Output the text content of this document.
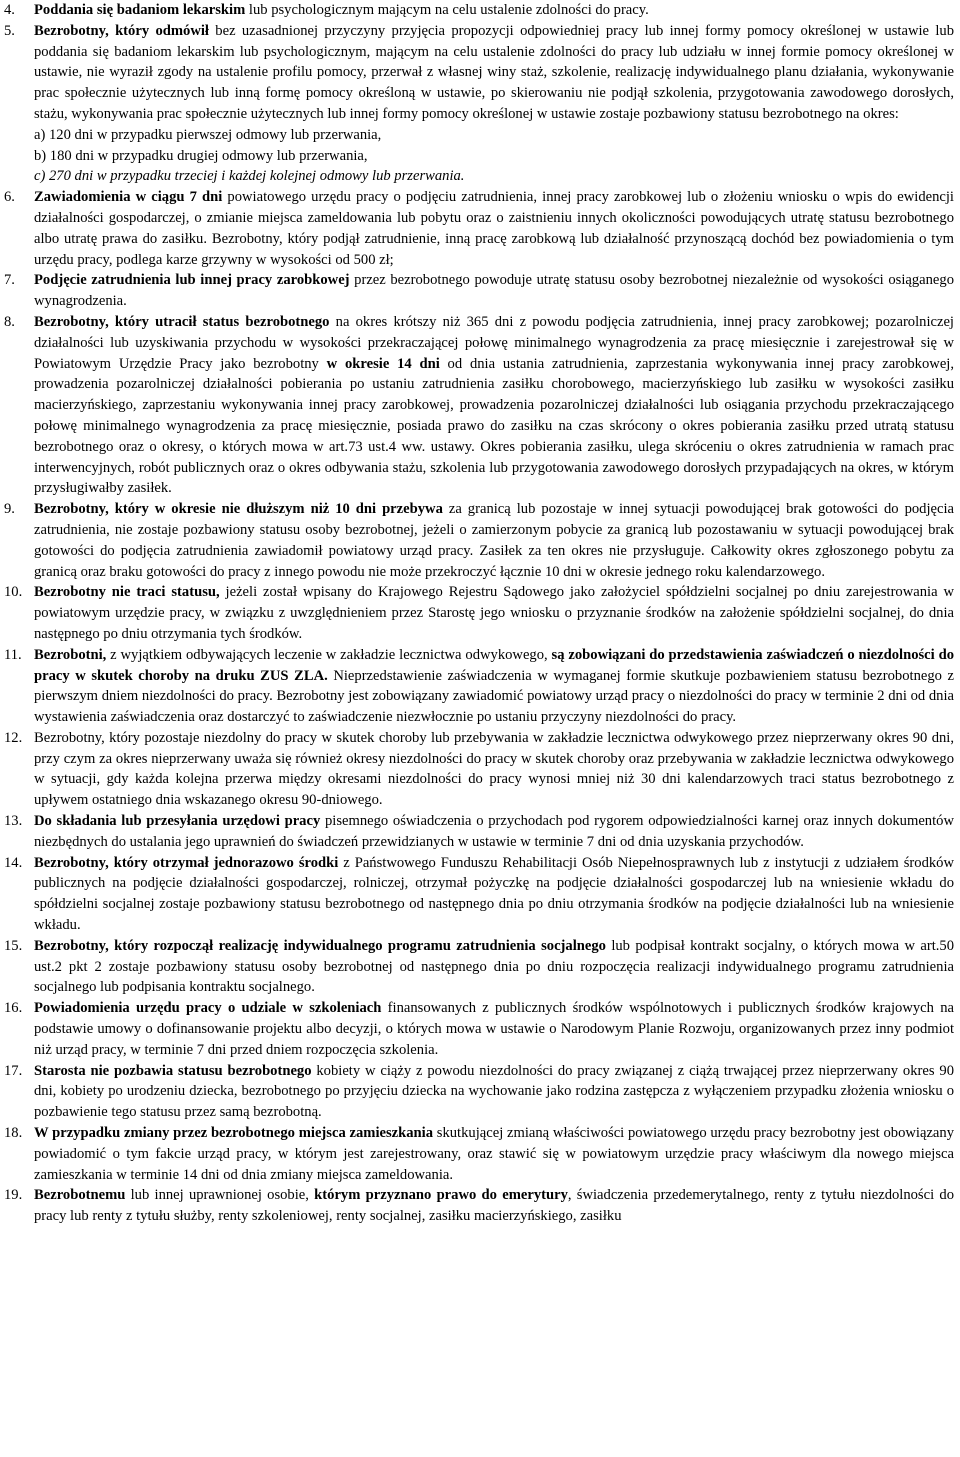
4.	Poddania się badaniom lekarskim lub psychologicznym mającym na celu ustalenie zdolności do pracy.
5.	Bezrobotny, który odmówił bez uzasadnionej przyczyny przyjęcia propozycji odpowiedniej pracy lub innej formy pomocy określonej w ustawie lub poddania się badaniom lekarskim lub psychologicznym, mającym na celu ustalenie zdolności do pracy lub udziału w innej formie pomocy określonej w ustawie, nie wyraził zgody na ustalenie profilu pomocy, przerwał z własnej winy staż, szkolenie, realizację indywidualnego planu działania, wykonywanie prac społecznie użytecznych lub inną formę pomocy określoną w ustawie, po skierowaniu nie podjął szkolenia, przygotowania zawodowego dorosłych, stażu, wykonywania prac społecznie użytecznych lub innej formy pomocy określonej w ustawie zostaje pozbawiony statusu bezrobotnego na okres:
a) 120 dni w przypadku pierwszej odmowy lub przerwania,
b) 180 dni w przypadku drugiej odmowy lub przerwania,
c) 270 dni w przypadku trzeciej i każdej kolejnej odmowy lub przerwania.
6.	Zawiadomienia w ciągu 7 dni powiatowego urzędu pracy o podjęciu zatrudnienia, innej pracy zarobkowej lub o złożeniu wniosku o wpis do ewidencji działalności gospodarczej, o zmianie miejsca zameldowania lub pobytu oraz o zaistnieniu innych okoliczności powodujących utratę statusu bezrobotnego albo utratę prawa do zasiłku. Bezrobotny, który podjął zatrudnienie, inną pracę zarobkową lub działalność przynoszącą dochód bez powiadomienia o tym urzędu pracy, podlega karze grzywny w wysokości od 500 zł;
7.	Podjęcie zatrudnienia lub innej pracy zarobkowej przez bezrobotnego powoduje utratę statusu osoby bezrobotnej niezależnie od wysokości osiąganego wynagrodzenia.
8.	Bezrobotny, który utracił status bezrobotnego na okres krótszy niż 365 dni z powodu podjęcia zatrudnienia, innej pracy zarobkowej; pozarolniczej działalności lub uzyskiwania przychodu w wysokości przekraczającej połowę minimalnego wynagrodzenia za pracę miesięcznie i zarejestrował się w Powiatowym Urzędzie Pracy jako bezrobotny w okresie 14 dni od dnia ustania zatrudnienia, zaprzestania wykonywania innej pracy zarobkowej, prowadzenia pozarolniczej działalności pobierania po ustaniu zatrudnienia zasiłku chorobowego, macierzyńskiego lub zasiłku w wysokości zasiłku macierzyńskiego, zaprzestaniu wykonywania innej pracy zarobkowej, prowadzenia pozarolniczej działalności lub osiągania przychodu przekraczającego połowę minimalnego wynagrodzenia za pracę miesięcznie, posiada prawo do zasiłku na czas skrócony o okres pobierania zasiłku przed utratą statusu bezrobotnego oraz o okresy, o których mowa w art.73 ust.4 ww. ustawy. Okres pobierania zasiłku, ulega skróceniu o okres zatrudnienia w ramach prac interwencyjnych, robót publicznych oraz o okres odbywania stażu, szkolenia lub przygotowania zawodowego dorosłych przypadających na okres, w którym przysługiwałby zasiłek.
9.	Bezrobotny, który w okresie nie dłuższym niż 10 dni przebywa za granicą lub pozostaje w innej sytuacji powodującej brak gotowości do podjęcia zatrudnienia, nie zostaje pozbawiony statusu osoby bezrobotnej, jeżeli o zamierzonym pobycie za granicą lub pozostawaniu w sytuacji powodującej brak gotowości do podjęcia zatrudnienia zawiadomił powiatowy urząd pracy. Zasiłek za ten okres nie przysługuje. Całkowity okres zgłoszonego pobytu za granicą oraz braku gotowości do pracy z innego powodu nie może przekroczyć łącznie 10 dni w okresie jednego roku kalendarzowego.
10. Bezrobotny nie traci statusu, jeżeli został wpisany do Krajowego Rejestru Sądowego jako założyciel spółdzielni socjalnej po dniu zarejestrowania w powiatowym urzędzie pracy, w związku z uwzględnieniem przez Starostę jego wniosku o przyznanie środków na założenie spółdzielni socjalnej, do dnia następnego po dniu otrzymania tych środków.
11. Bezrobotni, z wyjątkiem odbywających leczenie w zakładzie lecznictwa odwykowego, są zobowiązani do przedstawienia zaświadczeń o niezdolności do pracy w skutek choroby na druku ZUS ZLA. Nieprzedstawienie zaświadczenia w wymaganej formie skutkuje pozbawieniem statusu bezrobotnego z pierwszym dniem niezdolności do pracy. Bezrobotny jest zobowiązany zawiadomić powiatowy urząd pracy o niezdolności do pracy w terminie 2 dni od dnia wystawienia zaświadczenia oraz dostarczyć to zaświadczenie niezwłocznie po ustaniu przyczyny niezdolności do pracy.
12. Bezrobotny, który pozostaje niezdolny do pracy w skutek choroby lub przebywania w zakładzie lecznictwa odwykowego przez nieprzerwany okres 90 dni, przy czym za okres nieprzerwany uważa się również okresy niezdolności do pracy w skutek choroby oraz przebywania w zakładzie lecznictwa odwykowego w sytuacji, gdy każda kolejna przerwa między okresami niezdolności do pracy wynosi mniej niż 30 dni kalendarzowych traci status bezrobotnego z upływem ostatniego dnia wskazanego okresu 90-dniowego.
13. Do składania lub przesyłania urzędowi pracy pisemnego oświadczenia o przychodach pod rygorem odpowiedzialności karnej oraz innych dokumentów niezbędnych do ustalania jego uprawnień do świadczeń przewidzianych w ustawie w terminie 7 dni od dnia uzyskania przychodów.
14. Bezrobotny, który otrzymał jednorazowo środki z Państwowego Funduszu Rehabilitacji Osób Niepełnosprawnych lub z instytucji z udziałem środków publicznych na podjęcie działalności gospodarczej, rolniczej, otrzymał pożyczkę na podjęcie działalności gospodarczej lub na wniesienie wkładu do spółdzielni socjalnej zostaje pozbawiony statusu bezrobotnego od następnego dnia po dniu otrzymania środków na podjęcie działalności lub na wniesienie wkładu.
15. Bezrobotny, który rozpoczął realizację indywidualnego programu zatrudnienia socjalnego lub podpisał kontrakt socjalny, o których mowa w art.50 ust.2 pkt 2 zostaje pozbawiony statusu osoby bezrobotnej od następnego dnia po dniu rozpoczęcia realizacji indywidualnego programu zatrudnienia socjalnego lub podpisania kontraktu socjalnego.
16. Powiadomienia urzędu pracy o udziale w szkoleniach finansowanych z publicznych środków wspólnotowych i publicznych środków krajowych na podstawie umowy o dofinansowanie projektu albo decyzji, o których mowa w ustawie o Narodowym Planie Rozwoju, organizowanych przez inny podmiot niż urząd pracy, w terminie 7 dni przed dniem rozpoczęcia szkolenia.
17. Starosta nie pozbawia statusu bezrobotnego kobiety w ciąży z powodu niezdolności do pracy związanej z ciążą trwającej przez nieprzerwany okres 90 dni, kobiety po urodzeniu dziecka, bezrobotnego po przyjęciu dziecka na wychowanie jako rodzina zastępcza z wyłączeniem przypadku złożenia wniosku o pozbawienie tego statusu przez samą bezrobotną.
18. W przypadku zmiany przez bezrobotnego miejsca zamieszkania skutkującej zmianą właściwości powiatowego urzędu pracy bezrobotny jest obowiązany powiadomić o tym fakcie urząd pracy, w którym jest zarejestrowany, oraz stawić się w powiatowym urzędzie pracy właściwym dla nowego miejsca zamieszkania w terminie 14 dni od dnia zmiany miejsca zameldowania.
19. Bezrobotnemu lub innej uprawnionej osobie, którym przyznano prawo do emerytury, świadczenia przedemerytalnego, renty z tytułu niezdolności do pracy lub renty z tytułu służby, renty szkoleniowej, renty socjalnej, zasiłku macierzyńskiego, zasiłku
